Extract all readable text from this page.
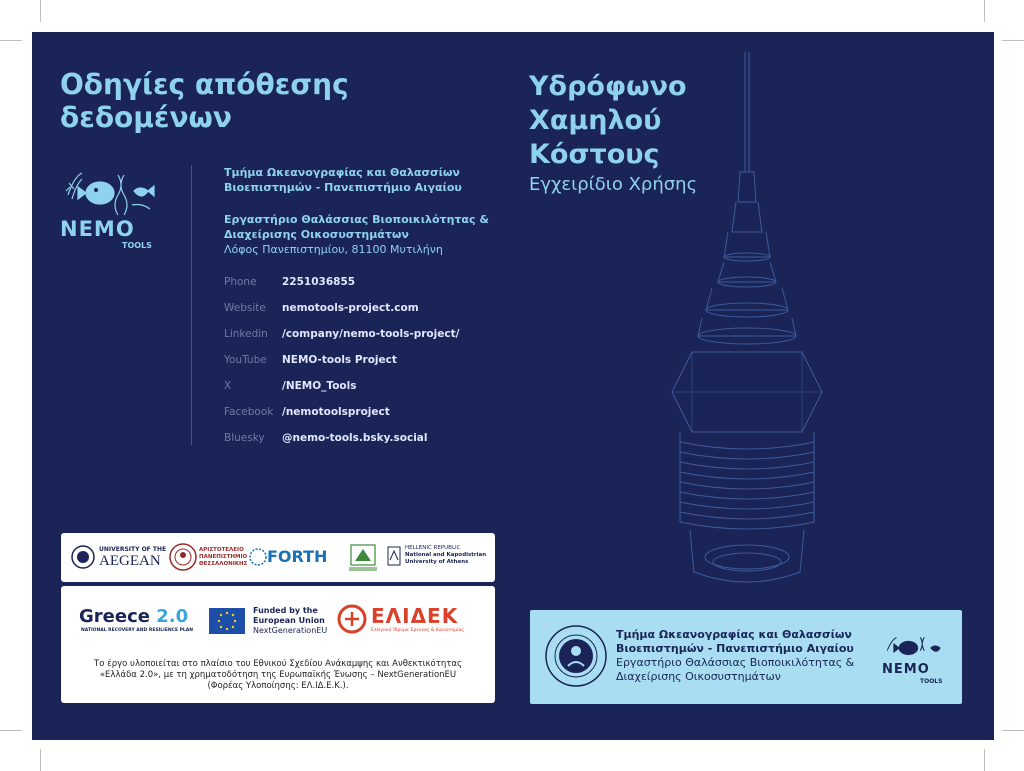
Οδηγίες απόθεσης
δεδομένων
NEMO
TOOLS
Τμήμα Ωκεανογραφίας και Θαλασσίων
Βιοεπιστημών - Πανεπιστήμιο Αιγαίου
Εργαστήριο Θαλάσσιας Βιοποικιλότητας &
Διαχείρισης Οικοσυστημάτων
Λόφος Πανεπιστημίου, 81100 Μυτιλήνη
Phone	2251036855
Website	nemotools-project.com
Linkedin	/company/nemo-tools-project/
YouTube	NEMO-tools Project
X	/NEMO_Tools
Facebook /nemotoolsproject
Bluesky	@nemo-tools.bsky.social
UNIVERSITY OF THE
AEGEAN
ΑΡΙΣΤΟΤΕΛΕΙΟ
ΠΑΝΕΠΙΣΤΗΜΙΟ
ΘΕΣΣΑΛΟΝΙΚΗΣ FORTH	HELLENIC REPUBLIC
National and Kapodistrian
University of Athens
Greece 2.0
NATIONAL RECOVERY AND RESILIENCE PLAN
Funded by the
European Union
NextGenerationEU
ΕΛΙΔΕΚ
Ελληνικό Ίδρυμα Έρευνας & Καινοτομίας
Το έργο υλοποιείται στο πλαίσιο του Εθνικού Σχεδίου Ανάκαμψης και Ανθεκτικότητας
«Ελλάδα 2.0», με τη χρηματοδότηση της Ευρωπαϊκής Ένωσης – NextGenerationEU
(Φορέας Υλοποίησης: ΕΛ.ΙΔ.Ε.Κ.).
Υδρόφωνο
Χαμηλού
Κόστους
Εγχειρίδιο Χρήσης
Τμήμα Ωκεανογραφίας και Θαλασσίων
Βιοεπιστημών - Πανεπιστήμιο Αιγαίου
Εργαστήριο Θαλάσσιας Βιοποικιλότητας &
Διαχείρισης Οικοσυστημάτων	NEMO
TOOLS
